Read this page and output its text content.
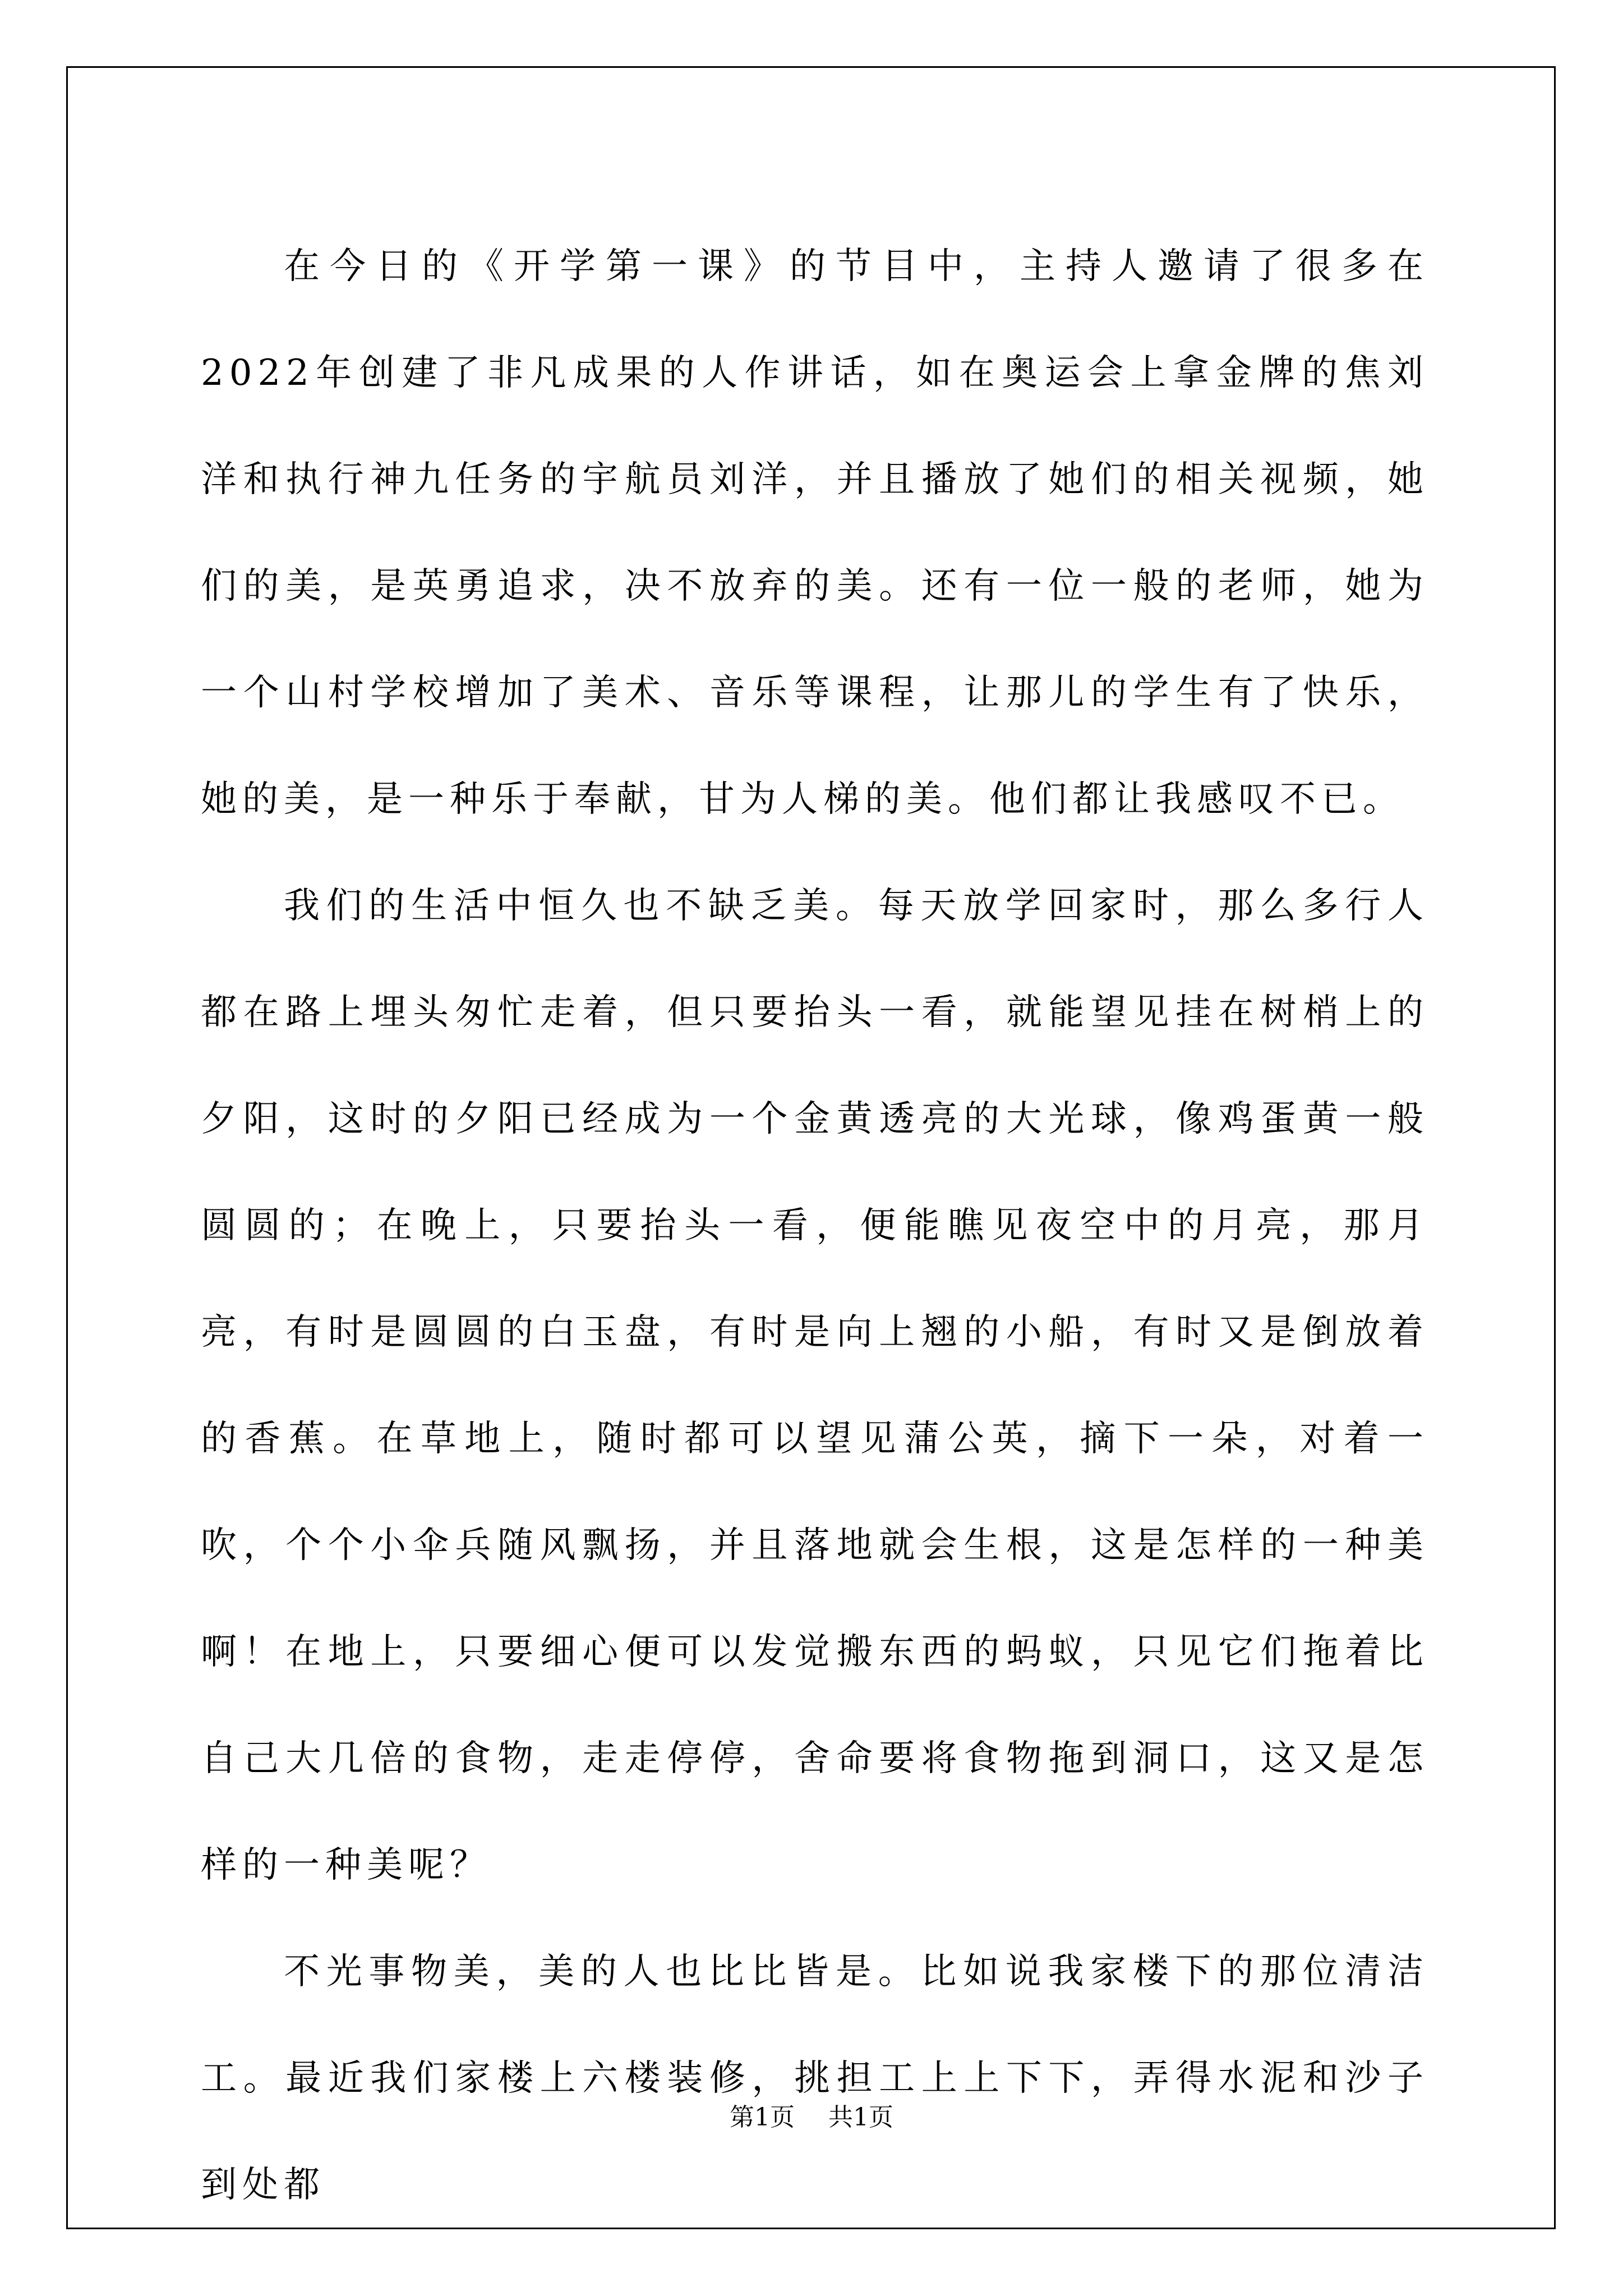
在今日的《开学第一课》的节目中，主持人邀请了很多在2022年创建了非凡成果的人作讲话，如在奥运会上拿金牌的焦刘洋和执行神九任务的宇航员刘洋，并且播放了她们的相关视频，她们的美，是英勇追求，决不放弃的美。还有一位一般的老师，她为一个山村学校增加了美术、音乐等课程，让那儿的学生有了快乐，她的美，是一种乐于奉献，甘为人梯的美。他们都让我感叹不已。

我们的生活中恒久也不缺乏美。每天放学回家时，那么多行人都在路上埋头匆忙走着，但只要抬头一看，就能望见挂在树梢上的夕阳，这时的夕阳已经成为一个金黄透亮的大光球，像鸡蛋黄一般圆圆的；在晚上，只要抬头一看，便能瞧见夜空中的月亮，那月亮，有时是圆圆的白玉盘，有时是向上翘的小船，有时又是倒放着的香蕉。在草地上，随时都可以望见蒲公英，摘下一朵，对着一吹，个个小伞兵随风飘扬，并且落地就会生根，这是怎样的一种美啊！在地上，只要细心便可以发觉搬东西的蚂蚁，只见它们拖着比自己大几倍的食物，走走停停，舍命要将食物拖到洞口，这又是怎样的一种美呢？

不光事物美，美的人也比比皆是。比如说我家楼下的那位清洁工。最近我们家楼上六楼装修，挑担工上上下下，弄得水泥和沙子到处都

第1页 共1页
